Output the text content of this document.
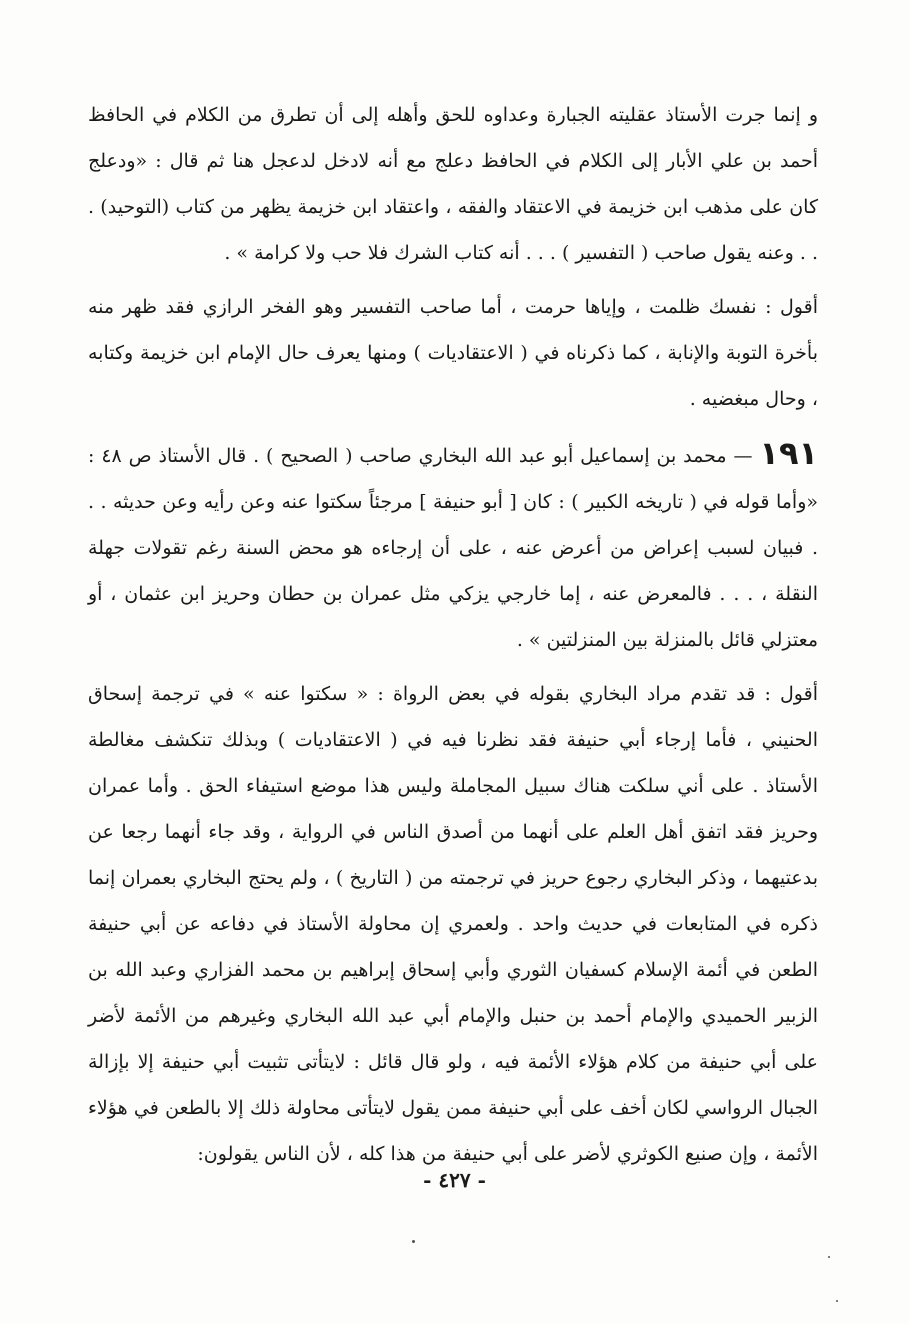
و إنما جرت الأستاذ عقليته الجبارة وعداوه للحق وأهله إلى أن تطرق من الكلام في الحافظ أحمد بن علي الأبار إلى الكلام في الحافظ دعلج مع أنه لادخل لدعجل هنا ثم قال : «ودعلج كان على مذهب ابن خزيمة في الاعتقاد والفقه ، واعتقاد ابن خزيمة يظهر من كتاب (التوحيد) . . . وعنه يقول صاحب ( التفسير ) . . . أنه كتاب الشرك فلا حب ولا كرامة » .

أقول : نفسك ظلمت ، وإياها حرمت ، أما صاحب التفسير وهو الفخر الرازي فقد ظهر منه بأخرة التوبة والإنابة ، كما ذكرناه في ( الاعتقاديات ) ومنها يعرف حال الإمام ابن خزيمة وكتابه ، وحال مبغضيه .

١٩١ — محمد بن إسماعيل أبو عبد الله البخاري صاحب ( الصحيح ) . قال الأستاذ ص ٤٨ : «وأما قوله في ( تاريخه الكبير ) : كان [ أبو حنيفة ] مرجئاً سكتوا عنه وعن رأيه وعن حديثه . . . فبيان لسبب إعراض من أعرض عنه ، على أن إرجاءه هو محض السنة رغم تقولات جهلة النقلة ، . . . فالمعرض عنه ، إما خارجي يزكي مثل عمران بن حطان وحريز ابن عثمان ، أو معتزلي قائل بالمنزلة بين المنزلتين » .

أقول : قد تقدم مراد البخاري بقوله في بعض الرواة : « سكتوا عنه » في ترجمة إسحاق الحنيني ، فأما إرجاء أبي حنيفة فقد نظرنا فيه في ( الاعتقاديات ) وبذلك تنكشف مغالطة الأستاذ . على أني سلكت هناك سبيل المجاملة وليس هذا موضع استيفاء الحق . وأما عمران وحريز فقد اتفق أهل العلم على أنهما من أصدق الناس في الرواية ، وقد جاء أنهما رجعا عن بدعتيهما ، وذكر البخاري رجوع حريز في ترجمته من ( التاريخ ) ، ولم يحتج البخاري بعمران إنما ذكره في المتابعات في حديث واحد . ولعمري إن محاولة الأستاذ في دفاعه عن أبي حنيفة الطعن في أئمة الإسلام كسفيان الثوري وأبي إسحاق إبراهيم بن محمد الفزاري وعبد الله بن الزبير الحميدي والإمام أحمد بن حنبل والإمام أبي عبد الله البخاري وغيرهم من الأئمة لأضر على أبي حنيفة من كلام هؤلاء الأئمة فيه ، ولو قال قائل : لايتأتى تثبيت أبي حنيفة إلا بإزالة الجبال الرواسي لكان أخف على أبي حنيفة ممن يقول لايتأتى محاولة ذلك إلا بالطعن في هؤلاء الأئمة ، وإن صنيع الكوثري لأضر على أبي حنيفة من هذا كله ، لأن الناس يقولون:

- ٤٢٧ -
